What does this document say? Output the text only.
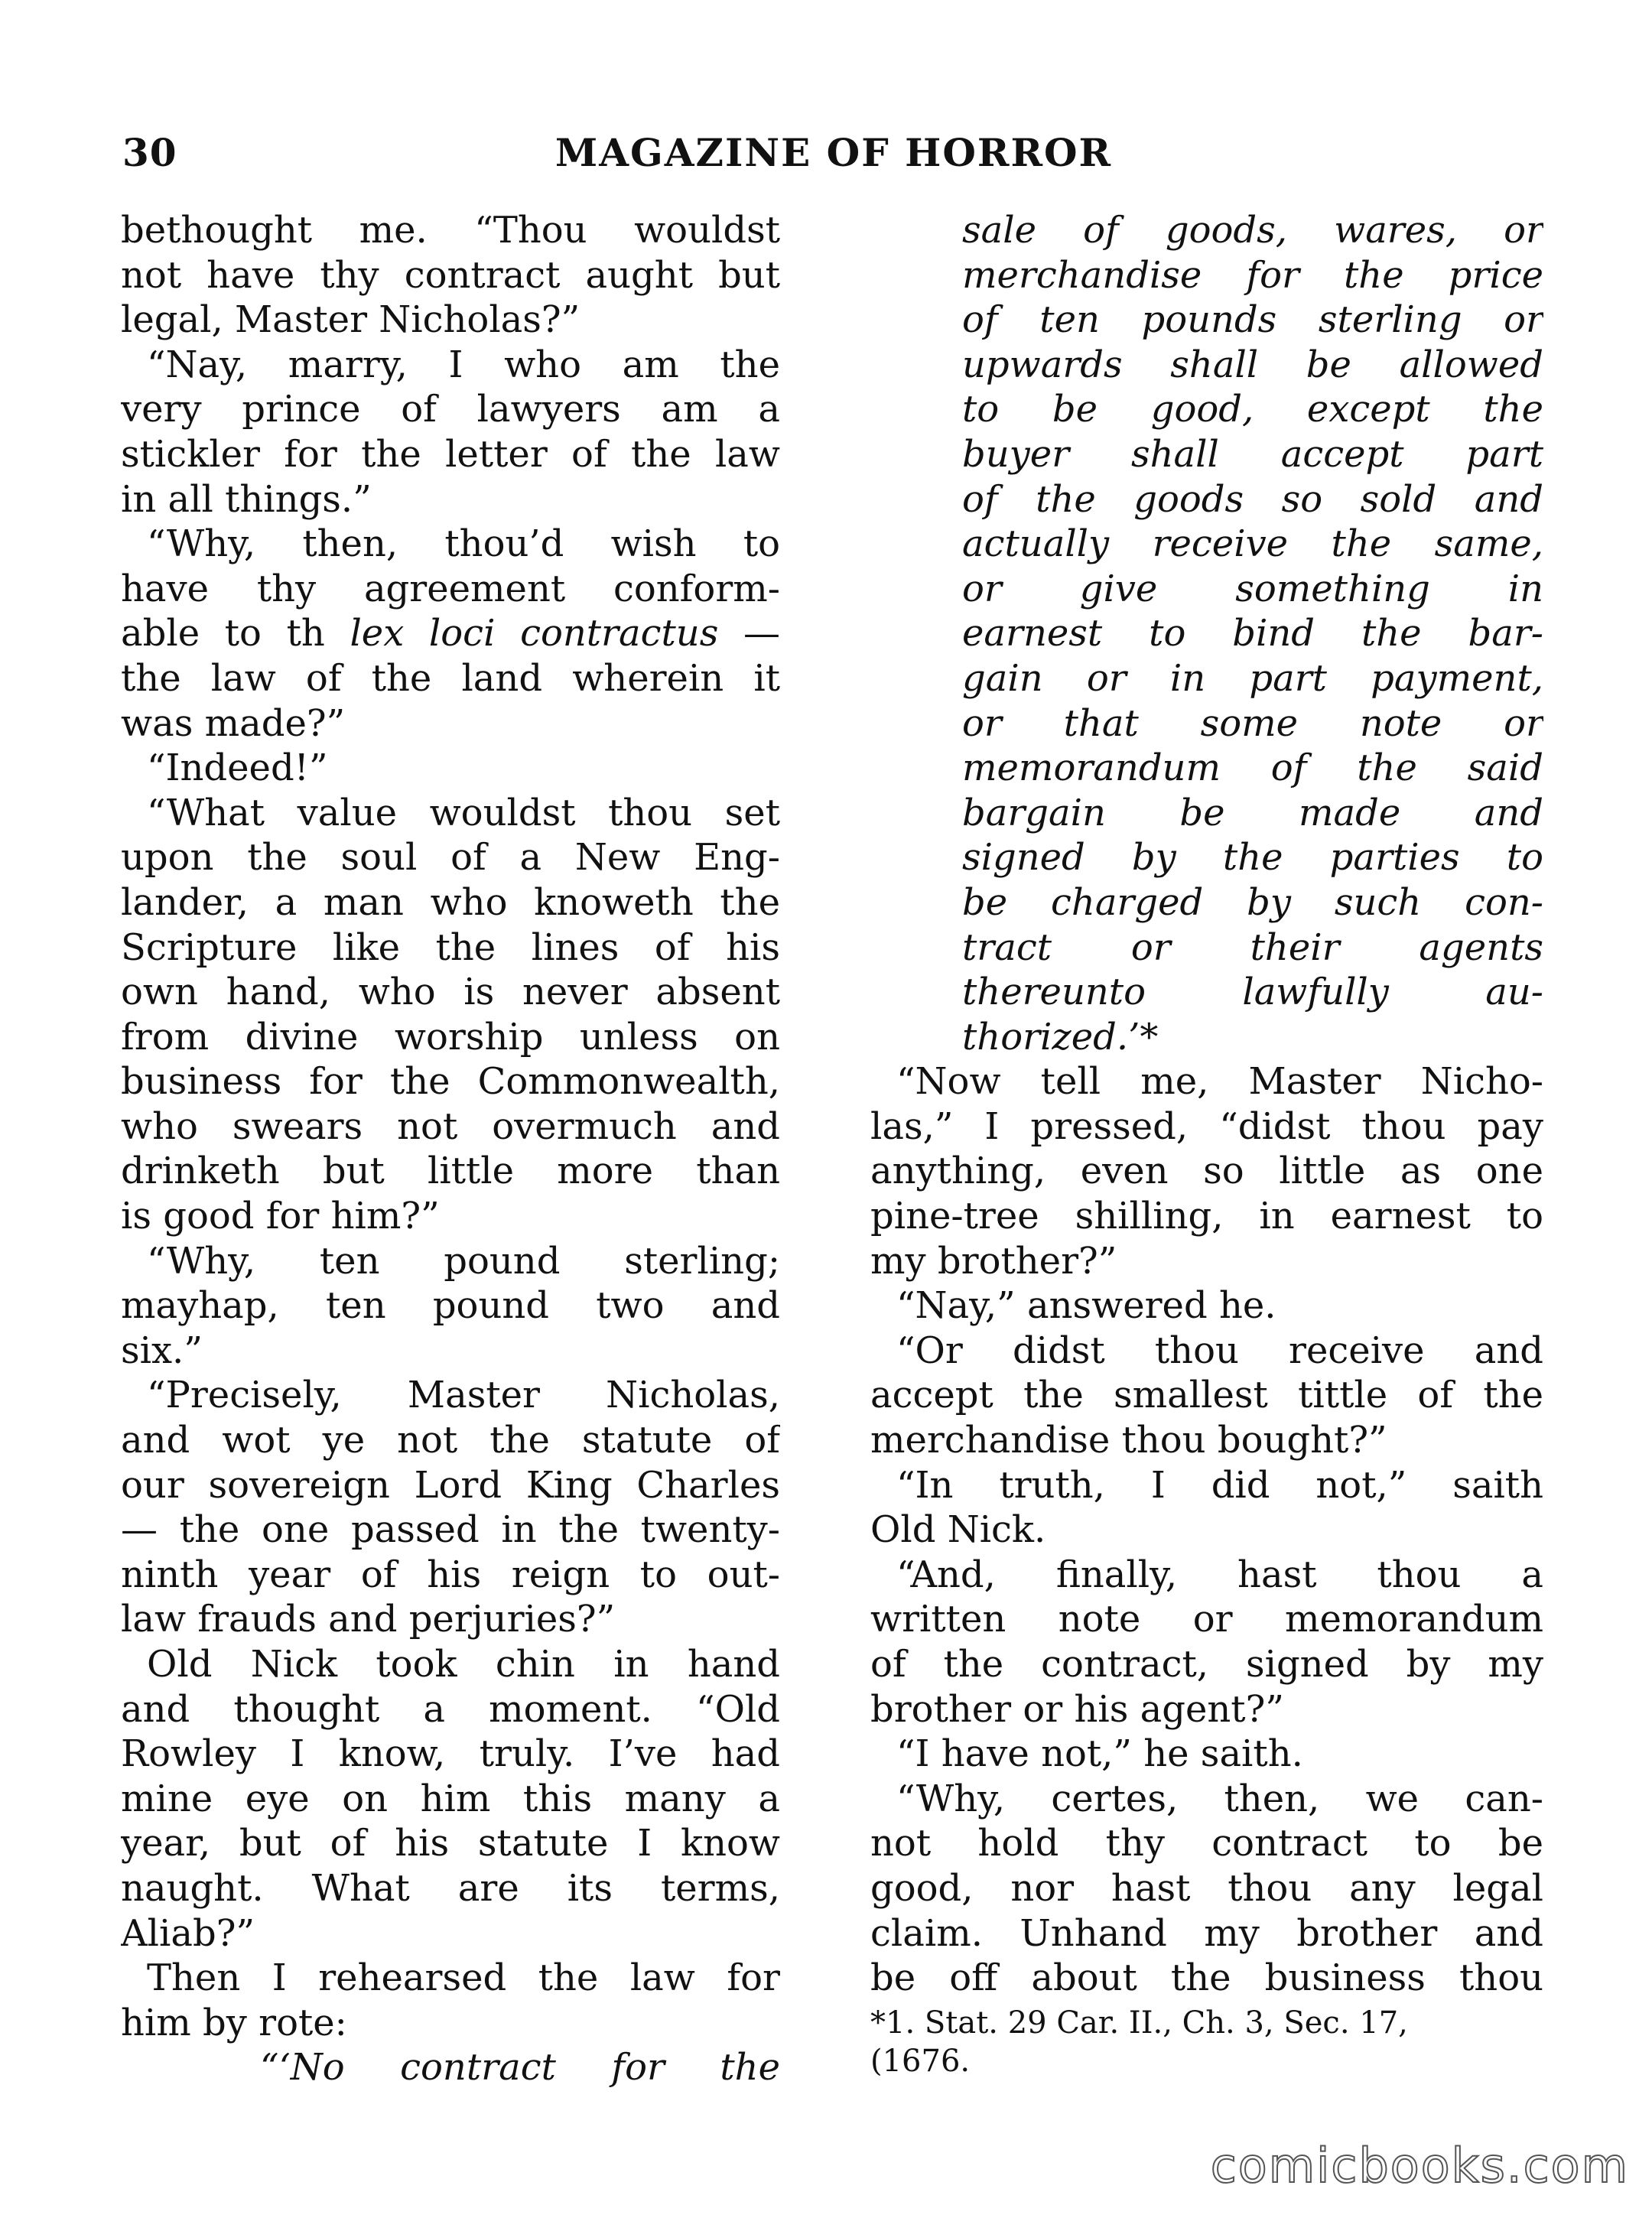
30	MAGAZINE OF HORROR
bethought me. “Thou wouldst
not have thy contract aught but
legal, Master Nicholas?”
“Nay, marry, I who am the
very prince of lawyers am a
stickler for the letter of the law
in all things.”
“Why, then, thou’d wish to
have thy agreement conform-
able to th lex loci contractus —
the law of the land wherein it
was made?”
“Indeed!”
“What value wouldst thou set
upon the soul of a New Eng-
lander, a man who knoweth the
Scripture like the lines of his
own hand, who is never absent
from divine worship unless on
business for the Commonwealth,
who swears not overmuch and
drinketh but little more than
is good for him?”
“Why, ten pound sterling;
mayhap, ten pound two and
six.”
“Precisely, Master Nicholas,
and wot ye not the statute of
our sovereign Lord King Charles
— the one passed in the twenty-
ninth year of his reign to out-
law frauds and perjuries?”
Old Nick took chin in hand
and thought a moment. “Old
Rowley I know, truly. I’ve had
mine eye on him this many a
year, but of his statute I know
naught. What are its terms,
Aliab?”
Then I rehearsed the law for
him by rote:
“‘No contract for the
sale of goods, wares, or
merchandise for the price
of ten pounds sterling or
upwards shall be allowed
to be good, except the
buyer shall accept part
of the goods so sold and
actually receive the same,
or give something in
earnest to bind the bar-
gain or in part payment,
or that some note or
memorandum of the said
bargain be made and
signed by the parties to
be charged by such con-
tract or their agents
thereunto lawfully au-
thorized.’*
“Now tell me, Master Nicho-
las,” I pressed, “didst thou pay
anything, even so little as one
pine-tree shilling, in earnest to
my brother?”
“Nay,” answered he.
“Or didst thou receive and
accept the smallest tittle of the
merchandise thou bought?”
“In truth, I did not,” saith
Old Nick.
“And, finally, hast thou a
written note or memorandum
of the contract, signed by my
brother or his agent?”
“I have not,” he saith.
“Why, certes, then, we can-
not hold thy contract to be
good, nor hast thou any legal
claim. Unhand my brother and
be off about the business thou
*1. Stat. 29 Car. II., Ch. 3, Sec. 17,
(1676.
comicbooks.com
